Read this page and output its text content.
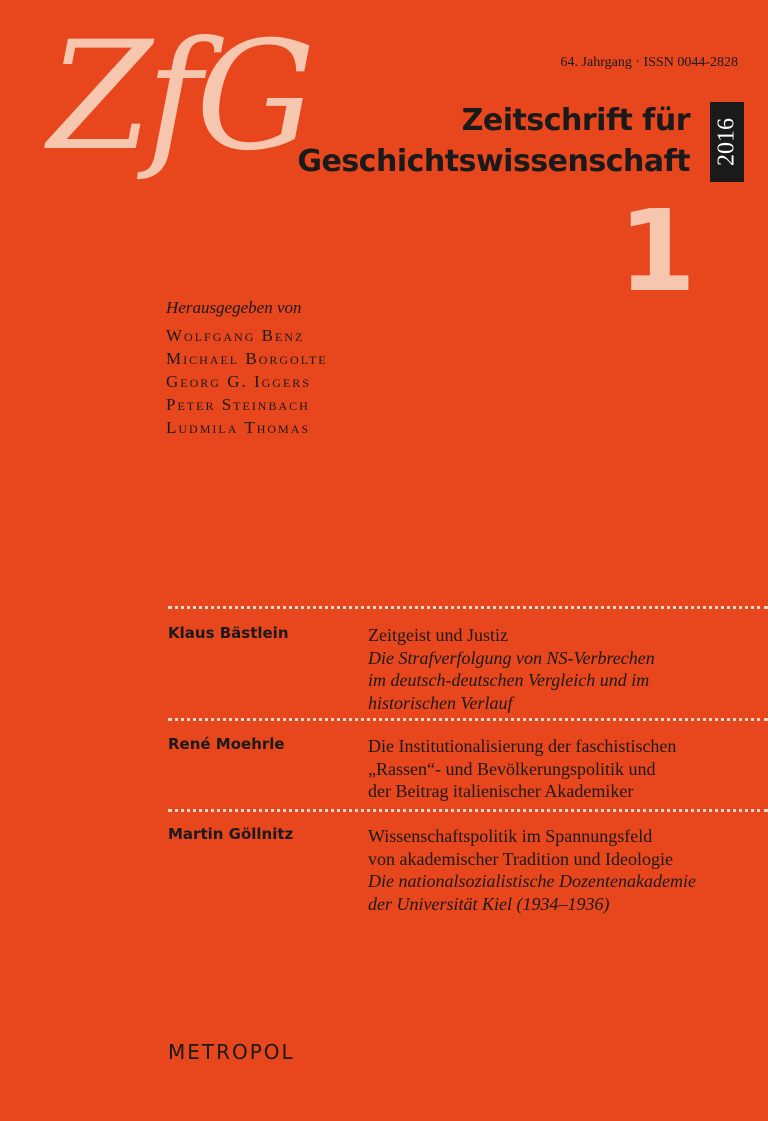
ZfG	64. Jahrgang · ISSN 0044-2828
Zeitschrift für
Geschichtswissenschaft 2016
1
Herausgegeben von
Wolfgang Benz
Michael Borgolte
Georg G. Iggers
Peter Steinbach
Ludmila Thomas
Klaus Bästlein	Zeitgeist und Justiz
Die Strafverfolgung von NS-Verbrechen
im deutsch-deutschen Vergleich und im
historischen Verlauf
René Moehrle	Die Institutionalisierung der faschistischen
„Rassen“- und Bevölkerungspolitik und
der Beitrag italienischer Akademiker
Martin Göllnitz	Wissenschaftspolitik im Spannungsfeld
von akademischer Tradition und Ideologie
Die nationalsozialistische Dozentenakademie
der Universität Kiel (1934–1936)
METROPOL
